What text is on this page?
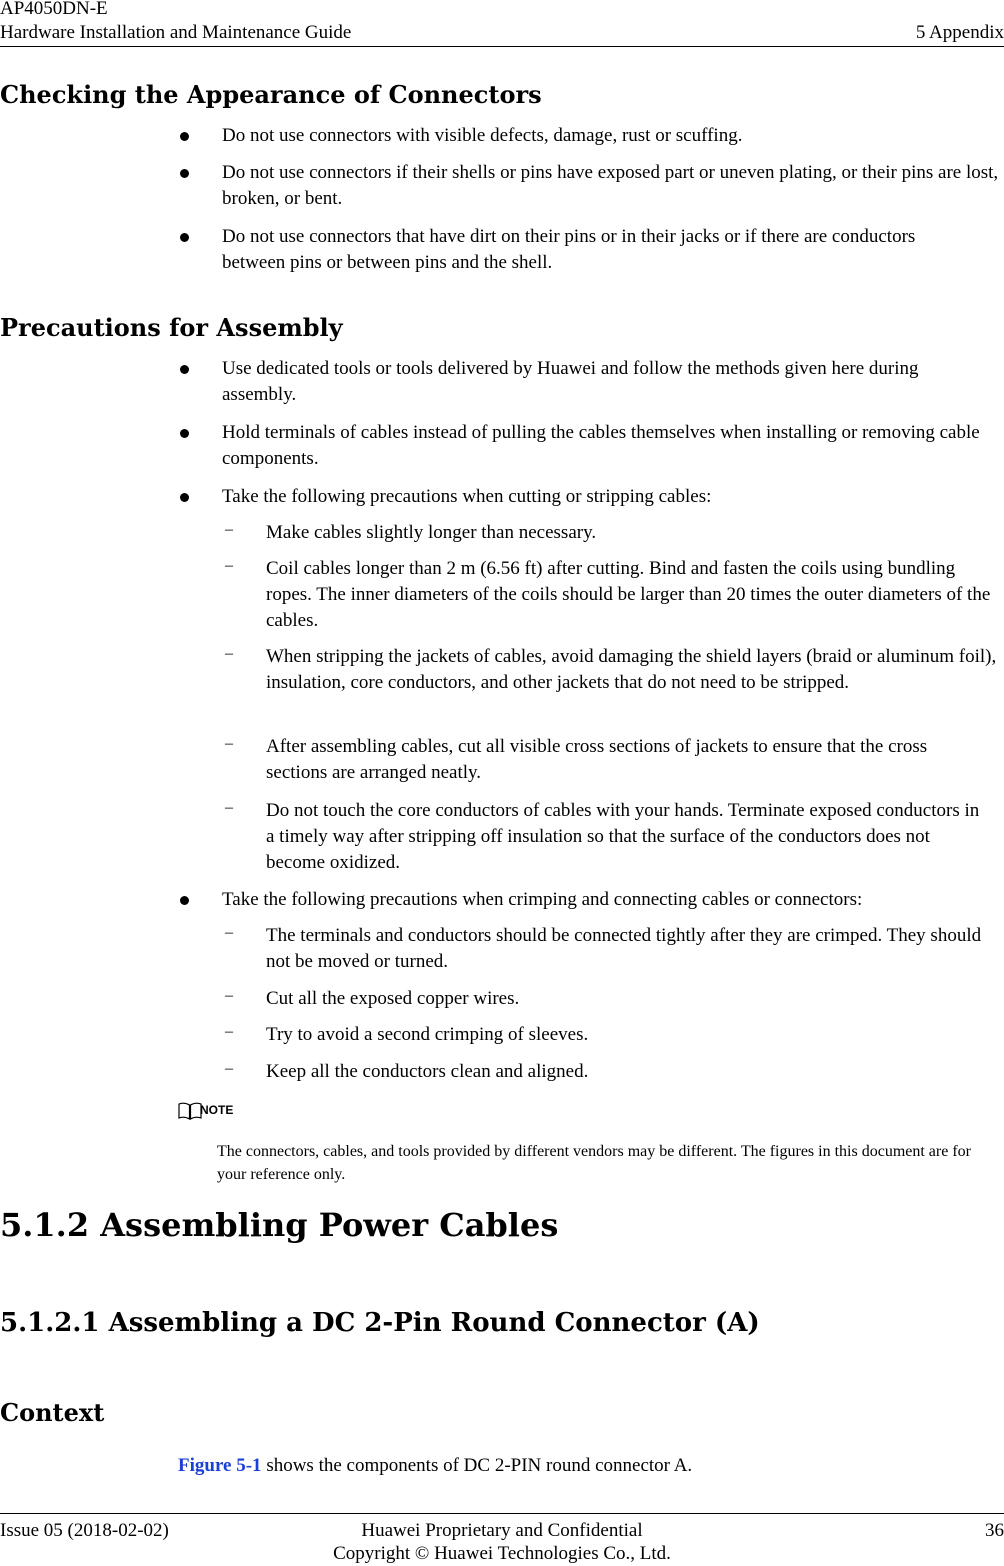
AP4050DN-E
Hardware Installation and Maintenance Guide	5 Appendix
Checking the Appearance of Connectors
Do not use connectors with visible defects, damage, rust or scuffing.
Do not use connectors if their shells or pins have exposed part or uneven plating, or their pins are lost, broken, or bent.
Do not use connectors that have dirt on their pins or in their jacks or if there are conductors between pins or between pins and the shell.
Precautions for Assembly
Use dedicated tools or tools delivered by Huawei and follow the methods given here during assembly.
Hold terminals of cables instead of pulling the cables themselves when installing or removing cable components.
Take the following precautions when cutting or stripping cables:
– Make cables slightly longer than necessary.
– Coil cables longer than 2 m (6.56 ft) after cutting. Bind and fasten the coils using bundling ropes. The inner diameters of the coils should be larger than 20 times the outer diameters of the cables.
– When stripping the jackets of cables, avoid damaging the shield layers (braid or aluminum foil), insulation, core conductors, and other jackets that do not need to be stripped.
– After assembling cables, cut all visible cross sections of jackets to ensure that the cross sections are arranged neatly.
– Do not touch the core conductors of cables with your hands. Terminate exposed conductors in a timely way after stripping off insulation so that the surface of the conductors does not become oxidized.
Take the following precautions when crimping and connecting cables or connectors:
– The terminals and conductors should be connected tightly after they are crimped. They should not be moved or turned.
– Cut all the exposed copper wires.
– Try to avoid a second crimping of sleeves.
– Keep all the conductors clean and aligned.
NOTE
The connectors, cables, and tools provided by different vendors may be different. The figures in this document are for your reference only.
5.1.2 Assembling Power Cables
5.1.2.1 Assembling a DC 2-Pin Round Connector (A)
Context
Figure 5-1 shows the components of DC 2-PIN round connector A.
Issue 05 (2018-02-02)	Huawei Proprietary and Confidential
Copyright © Huawei Technologies Co., Ltd.
36
